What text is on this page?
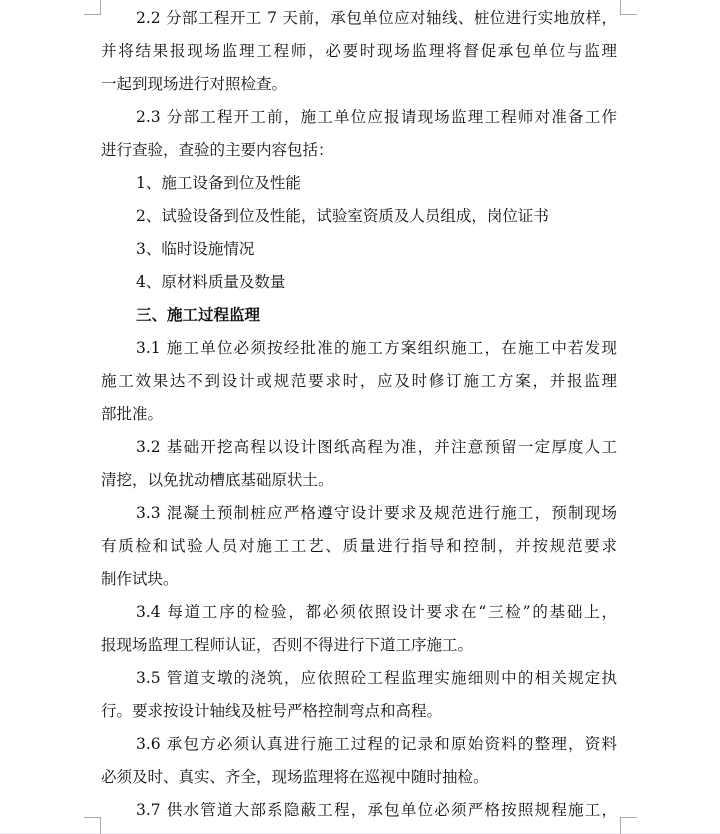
2.2 分部工程开工 7 天前，承包单位应对轴线、桩位进行实地放样，
并将结果报现场监理工程师，必要时现场监理将督促承包单位与监理
一起到现场进行对照检查。
2.3 分部工程开工前，施工单位应报请现场监理工程师对准备工作
进行查验，查验的主要内容包括：
1、施工设备到位及性能
2、试验设备到位及性能，试验室资质及人员组成，岗位证书
3、临时设施情况
4、原材料质量及数量
三、施工过程监理
3.1 施工单位必须按经批准的施工方案组织施工，在施工中若发现
施工效果达不到设计或规范要求时，应及时修订施工方案，并报监理
部批准。
3.2 基础开挖高程以设计图纸高程为准，并注意预留一定厚度人工
清挖，以免扰动槽底基础原状土。
3.3 混凝土预制桩应严格遵守设计要求及规范进行施工，预制现场
有质检和试验人员对施工工艺、质量进行指导和控制，并按规范要求
制作试块。
3.4 每道工序的检验，都必须依照设计要求在“三检”的基础上，
报现场监理工程师认证，否则不得进行下道工序施工。
3.5 管道支墩的浇筑，应依照砼工程监理实施细则中的相关规定执
行。要求按设计轴线及桩号严格控制弯点和高程。
3.6 承包方必须认真进行施工过程的记录和原始资料的整理，资料
必须及时、真实、齐全，现场监理将在巡视中随时抽检。
3.7 供水管道大部系隐蔽工程，承包单位必须严格按照规程施工，
